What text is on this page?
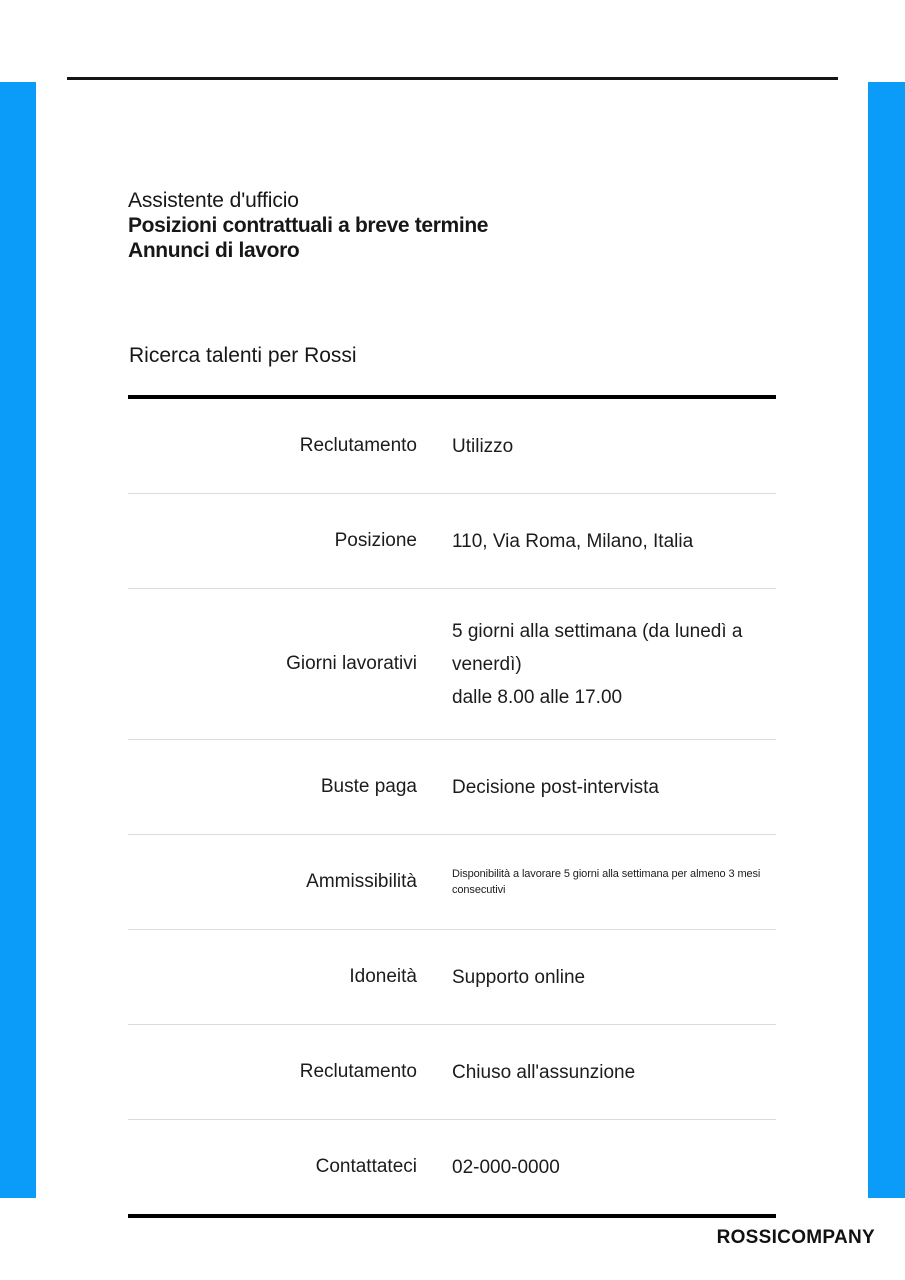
Assistente d'ufficio
Posizioni contrattuali a breve termine
Annunci di lavoro
Ricerca talenti per Rossi

Reclutamento	Utilizzo

Posizione	110, Via Roma, Milano, Italia

Giorni lavorativi	5 giorni alla settimana (da lunedì a venerdì)
dalle 8.00 alle 17.00

Buste paga	Decisione post-intervista

Ammissibilità	Disponibilità a lavorare 5 giorni alla settimana per almeno 3 mesi consecutivi

Idoneità	Supporto online

Reclutamento	Chiuso all'assunzione

Contattateci	02-000-0000

ROSSICOMPANY
